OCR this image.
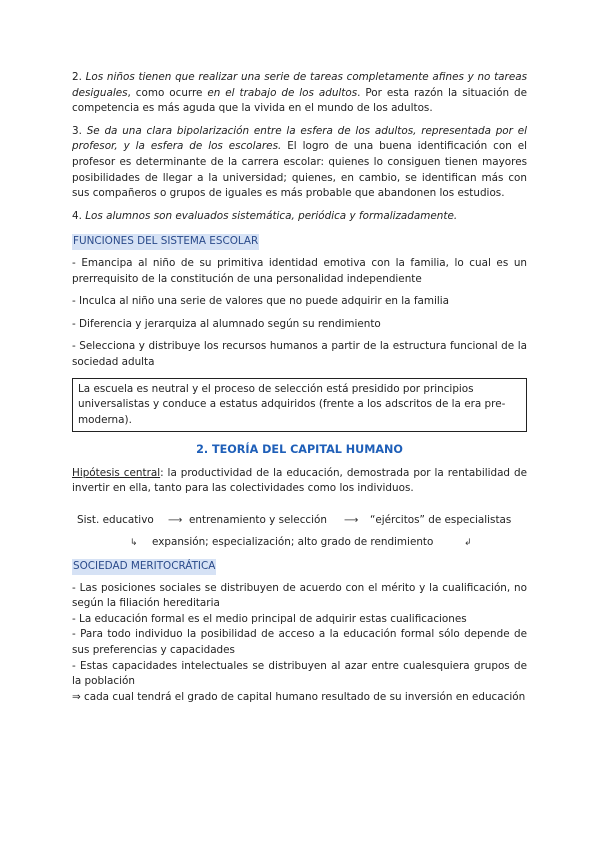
2. Los niños tienen que realizar una serie de tareas completamente afines y no tareas desiguales, como ocurre en el trabajo de los adultos. Por esta razón la situación de competencia es más aguda que la vivida en el mundo de los adultos.

3. Se da una clara bipolarización entre la esfera de los adultos, representada por el profesor, y la esfera de los escolares. El logro de una buena identificación con el profesor es determinante de la carrera escolar: quienes lo consiguen tienen mayores posibilidades de llegar a la universidad; quienes, en cambio, se identifican más con sus compañeros o grupos de iguales es más probable que abandonen los estudios.

4. Los alumnos son evaluados sistemática, periódica y formalizadamente.

FUNCIONES DEL SISTEMA ESCOLAR

- Emancipa al niño de su primitiva identidad emotiva con la familia, lo cual es un prerrequisito de la constitución de una personalidad independiente

- Inculca al niño una serie de valores que no puede adquirir en la familia

- Diferencia y jerarquiza al alumnado según su rendimiento

- Selecciona y distribuye los recursos humanos a partir de la estructura funcional de la sociedad adulta

La escuela es neutral y el proceso de selección está presidido por principios universalistas y conduce a estatus adquiridos (frente a los adscritos de la era pre-moderna).

2. TEORÍA DEL CAPITAL HUMANO

Hipótesis central: la productividad de la educación, demostrada por la rentabilidad de invertir en ella, tanto para las colectividades como los individuos.

Sist. educativo ⟶ entrenamiento y selección ⟶ “ejércitos” de especialistas
↳ expansión; especialización; alto grado de rendimiento	↲
SOCIEDAD MERITOCRÁTICA

- Las posiciones sociales se distribuyen de acuerdo con el mérito y la cualificación, no según la filiación hereditaria

- La educación formal es el medio principal de adquirir estas cualificaciones

- Para todo individuo la posibilidad de acceso a la educación formal sólo depende de sus preferencias y capacidades

- Estas capacidades intelectuales se distribuyen al azar entre cualesquiera grupos de la población

⇒ cada cual tendrá el grado de capital humano resultado de su inversión en educación
